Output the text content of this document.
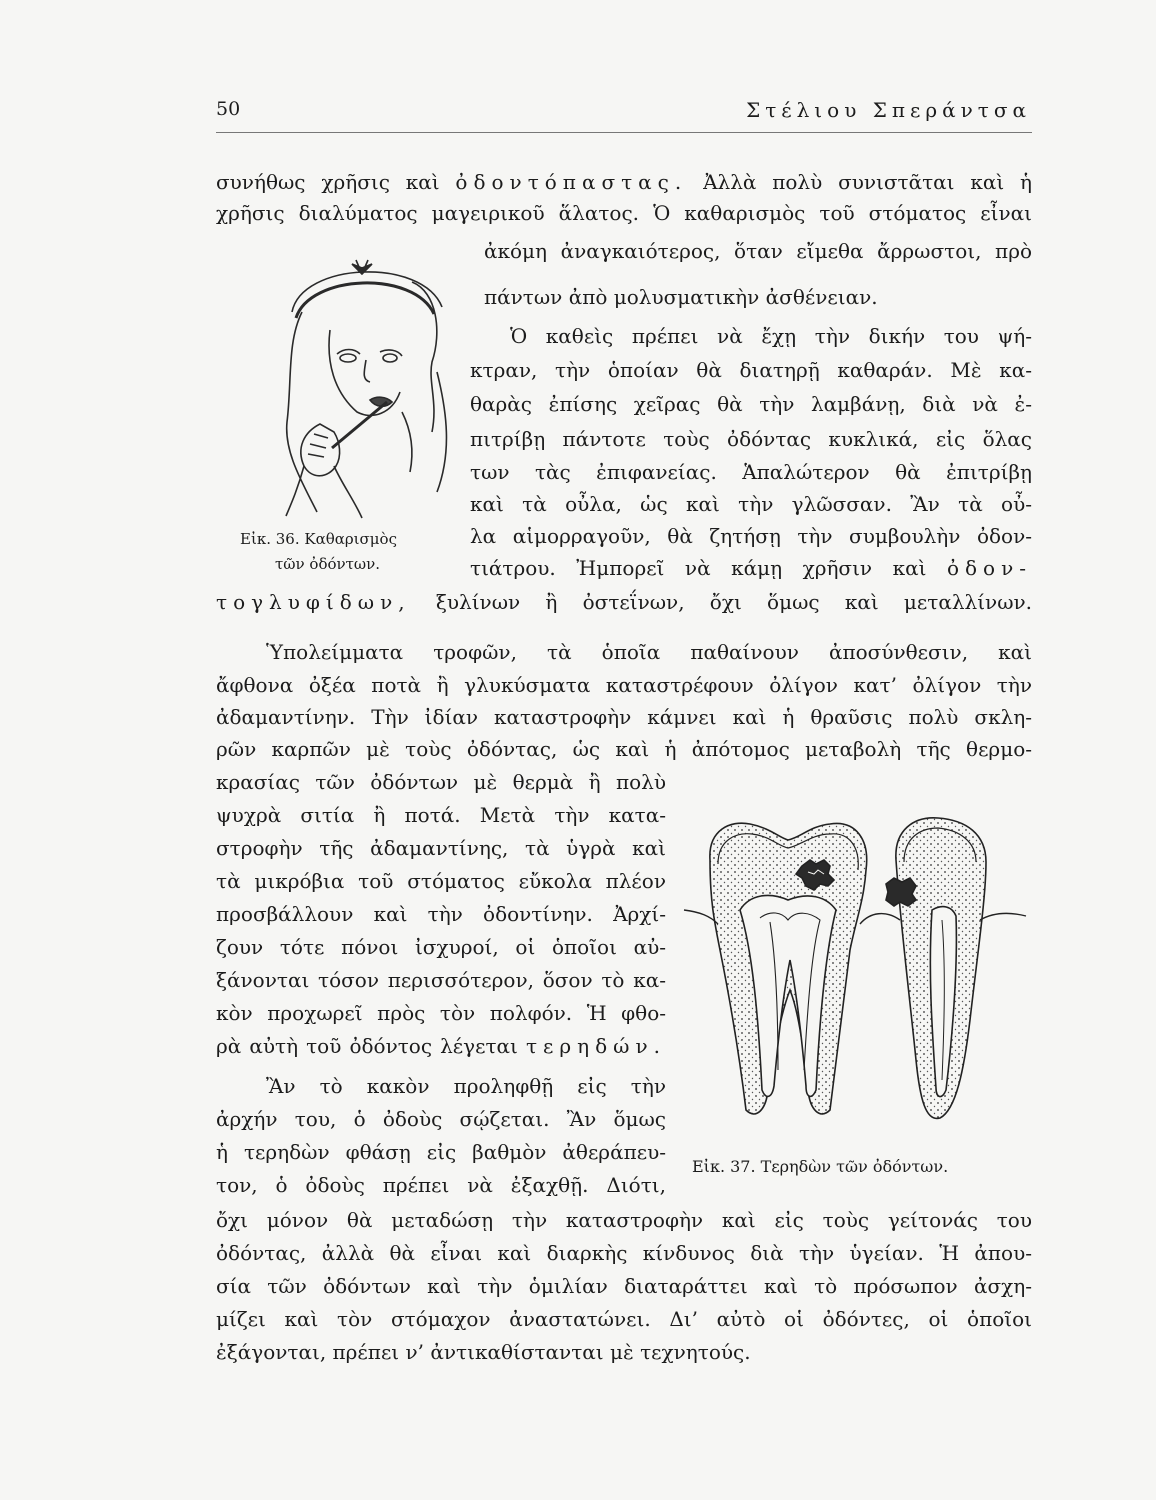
50	Στέλιου Σπεράντσα
συνήθως χρῆσις καὶ ὀδοντόπαστας. Ἀλλὰ πολὺ συνιστᾶται καὶ ἡ
χρῆσις διαλύματος μαγειρικοῦ ἅλατος. Ὁ καθαρισμὸς τοῦ στόματος εἶναι
ἀκόμη ἀναγκαιότερος, ὅταν εἴμεθα ἄρρωστοι, πρὸ
πάντων ἀπὸ μολυσματικὴν ἀσθένειαν.
Ὁ καθεὶς πρέπει νὰ ἔχῃ τὴν δικήν του ψή-
κτραν, τὴν ὁποίαν θὰ διατηρῇ καθαράν. Μὲ κα-
θαρὰς ἐπίσης χεῖρας θὰ τὴν λαμβάνῃ, διὰ νὰ ἐ-
πιτρίβῃ πάντοτε τοὺς ὀδόντας κυκλικά, εἰς ὅλας
των τὰς ἐπιφανείας. Ἁπαλώτερον θὰ ἐπιτρίβῃ
καὶ τὰ οὖλα, ὡς καὶ τὴν γλῶσσαν. Ἂν τὰ οὖ-
λα αἱμορραγοῦν, θὰ ζητήσῃ τὴν συμβουλὴν ὀδον-
τιάτρου. Ἠμπορεῖ νὰ κάμῃ χρῆσιν καὶ ὀδον-
Εἰκ. 36. Καθαρισμὸς
τῶν ὀδόντων.
τογλυφίδων, ξυλίνων ἢ ὀστεΐνων, ὄχι ὅμως καὶ μεταλλίνων.
Ὑπολείμματα τροφῶν, τὰ ὁποῖα παθαίνουν ἀποσύνθεσιν, καὶ
ἄφθονα ὀξέα ποτὰ ἢ γλυκύσματα καταστρέφουν ὀλίγον κατ’ ὀλίγον τὴν
ἀδαμαντίνην. Τὴν ἰδίαν καταστροφὴν κάμνει καὶ ἡ θραῦσις πολὺ σκλη-
ρῶν καρπῶν μὲ τοὺς ὀδόντας, ὡς καὶ ἡ ἀπότομος μεταβολὴ τῆς θερμο-
κρασίας τῶν ὀδόντων μὲ θερμὰ ἢ πολὺ
ψυχρὰ σιτία ἢ ποτά. Μετὰ τὴν κατα-
στροφὴν τῆς ἀδαμαντίνης, τὰ ὑγρὰ καὶ
τὰ μικρόβια τοῦ στόματος εὔκολα πλέον
προσβάλλουν καὶ τὴν ὀδοντίνην. Ἀρχί-
ζουν τότε πόνοι ἰσχυροί, οἱ ὁποῖοι αὐ-
ξάνονται τόσον περισσότερον, ὅσον τὸ κα-
κὸν προχωρεῖ πρὸς τὸν πολφόν. Ἡ φθο-
ρὰ αὐτὴ τοῦ ὀδόντος λέγεται τερηδών.
Ἂν τὸ κακὸν προληφθῇ εἰς τὴν
ἀρχήν του, ὁ ὀδοὺς σῴζεται. Ἂν ὅμως
ἡ τερηδὼν φθάσῃ εἰς βαθμὸν ἀθεράπευ-
τον, ὁ ὀδοὺς πρέπει νὰ ἐξαχθῇ. Διότι,
Εἰκ. 37. Τερηδὼν τῶν ὀδόντων.
ὄχι μόνον θὰ μεταδώσῃ τὴν καταστροφὴν καὶ εἰς τοὺς γείτονάς του
ὀδόντας, ἀλλὰ θὰ εἶναι καὶ διαρκὴς κίνδυνος διὰ τὴν ὑγείαν. Ἡ ἀπου-
σία τῶν ὀδόντων καὶ τὴν ὁμιλίαν διαταράττει καὶ τὸ πρόσωπον ἀσχη-
μίζει καὶ τὸν στόμαχον ἀναστατώνει. Δι’ αὐτὸ οἱ ὀδόντες, οἱ ὁποῖοι
ἐξάγονται, πρέπει ν’ ἀντικαθίστανται μὲ τεχνητούς.
